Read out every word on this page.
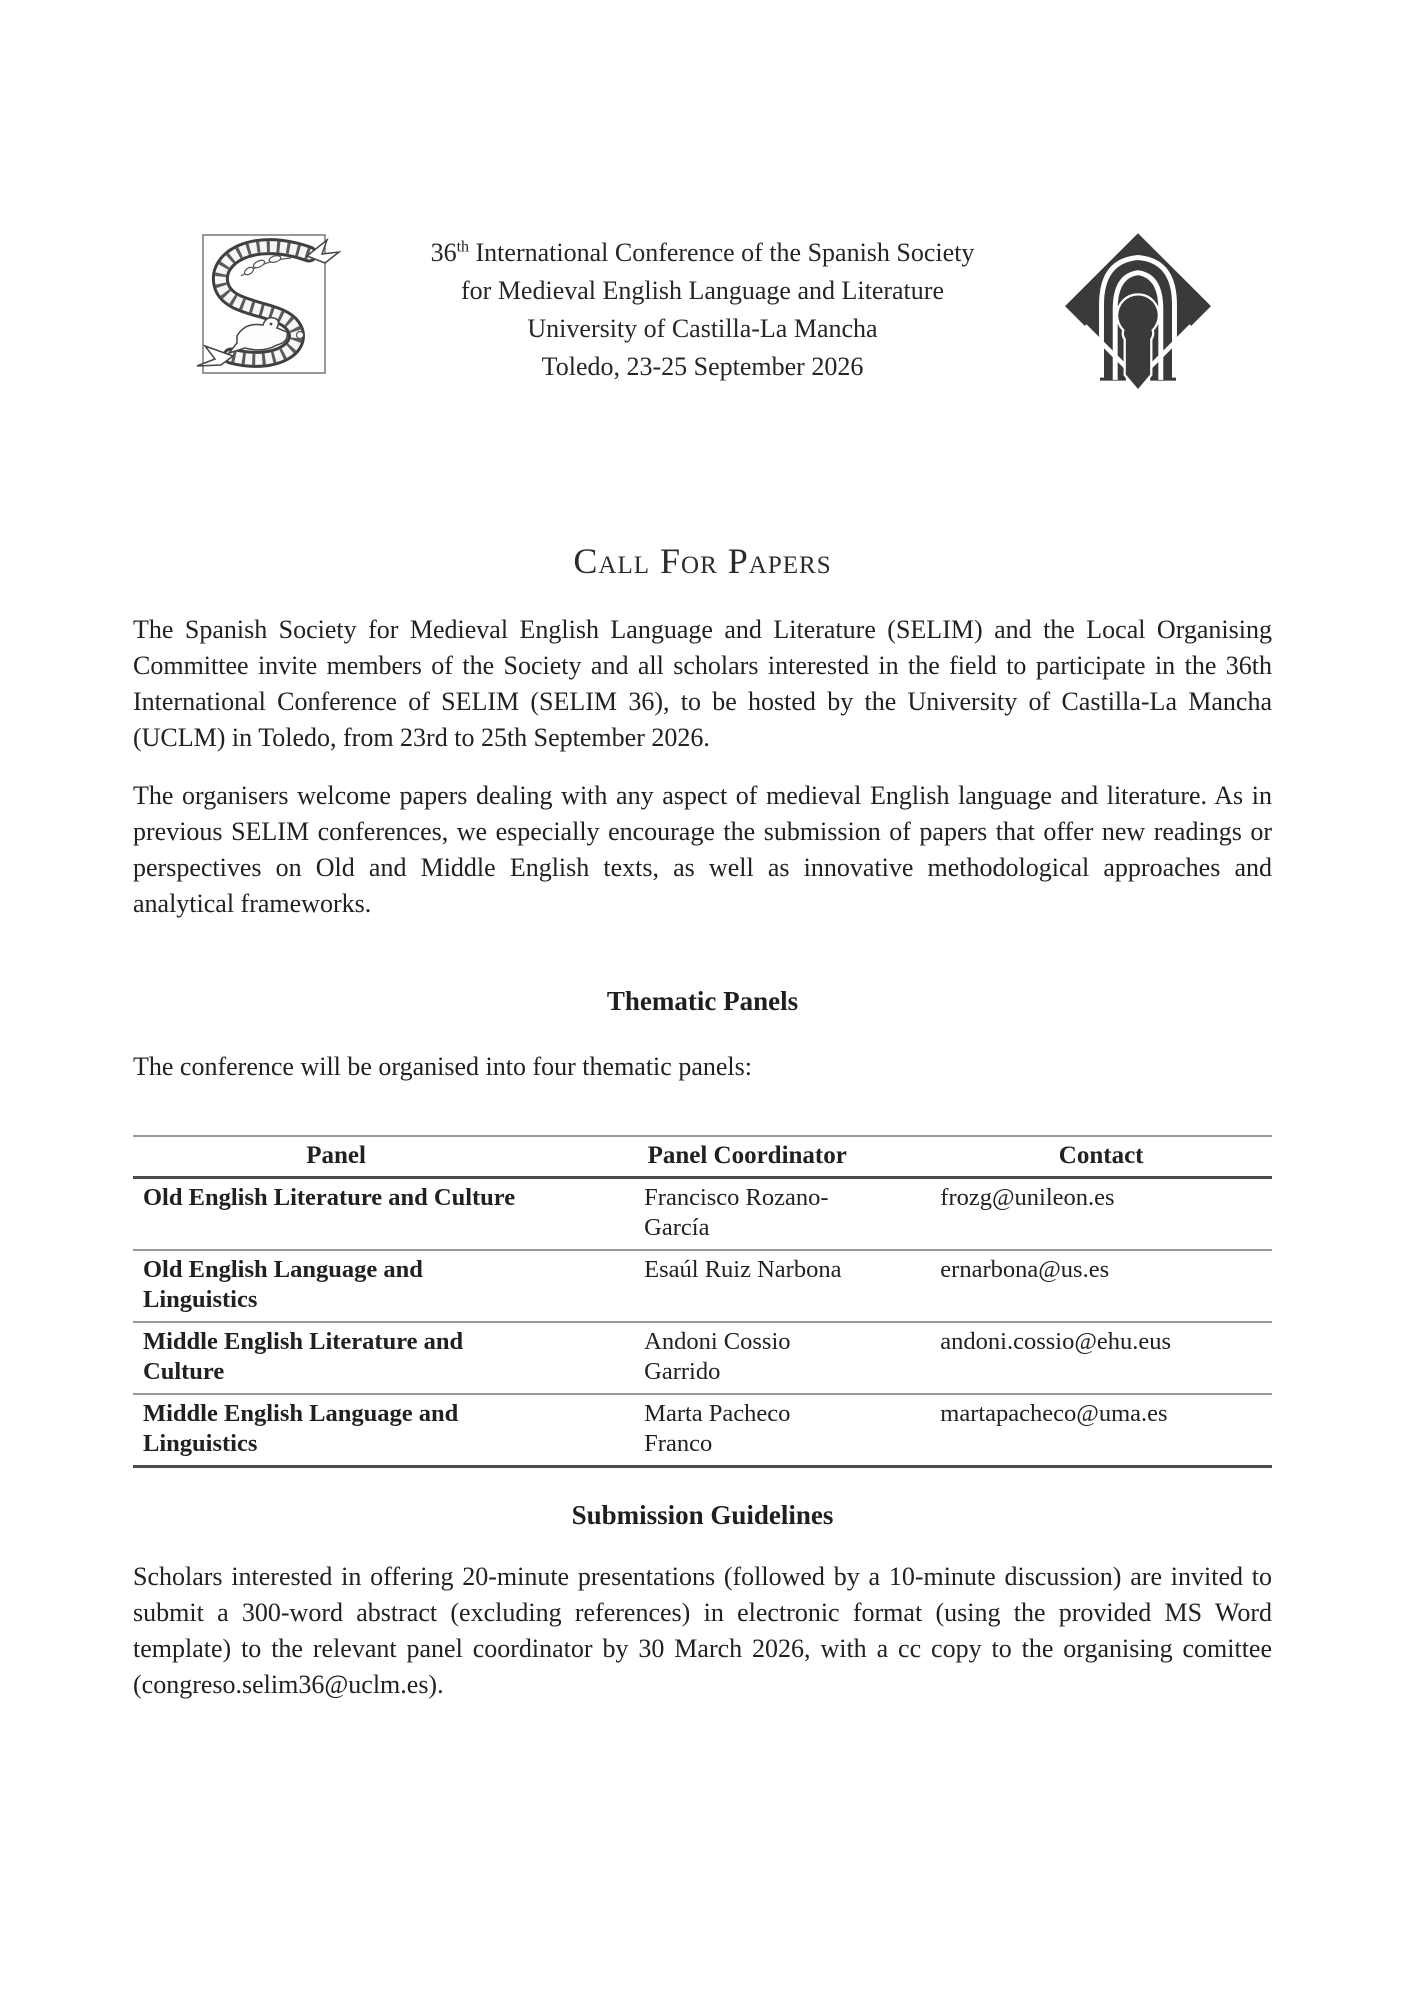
36th International Conference of the Spanish Society
for Medieval English Language and Literature
University of Castilla-La Mancha
Toledo, 23-25 September 2026
Call For Papers

The Spanish Society for Medieval English Language and Literature (SELIM) and the Local Organising Committee invite members of the Society and all scholars interested in the field to participate in the 36th International Conference of SELIM (SELIM 36), to be hosted by the University of Castilla-La Mancha (UCLM) in Toledo, from 23rd to 25th September 2026.

The organisers welcome papers dealing with any aspect of medieval English language and literature. As in previous SELIM conferences, we especially encourage the submission of papers that offer new readings or perspectives on Old and Middle English texts, as well as innovative methodological approaches and analytical frameworks.

Thematic Panels

The conference will be organised into four thematic panels:

Panel	Panel Coordinator	Contact
Old English Literature and Culture	Francisco Rozano-García	frozg@unileon.es
Old English Language and Linguistics	Esaúl Ruiz Narbona	ernarbona@us.es
Middle English Literature and Culture	Andoni Cossio Garrido	andoni.cossio@ehu.eus
Middle English Language and Linguistics	Marta Pacheco Franco	martapacheco@uma.es
Submission Guidelines

Scholars interested in offering 20-minute presentations (followed by a 10-minute discussion) are invited to submit a 300-word abstract (excluding references) in electronic format (using the provided MS Word template) to the relevant panel coordinator by 30 March 2026, with a cc copy to the organising comittee (congreso.selim36@uclm.es).
